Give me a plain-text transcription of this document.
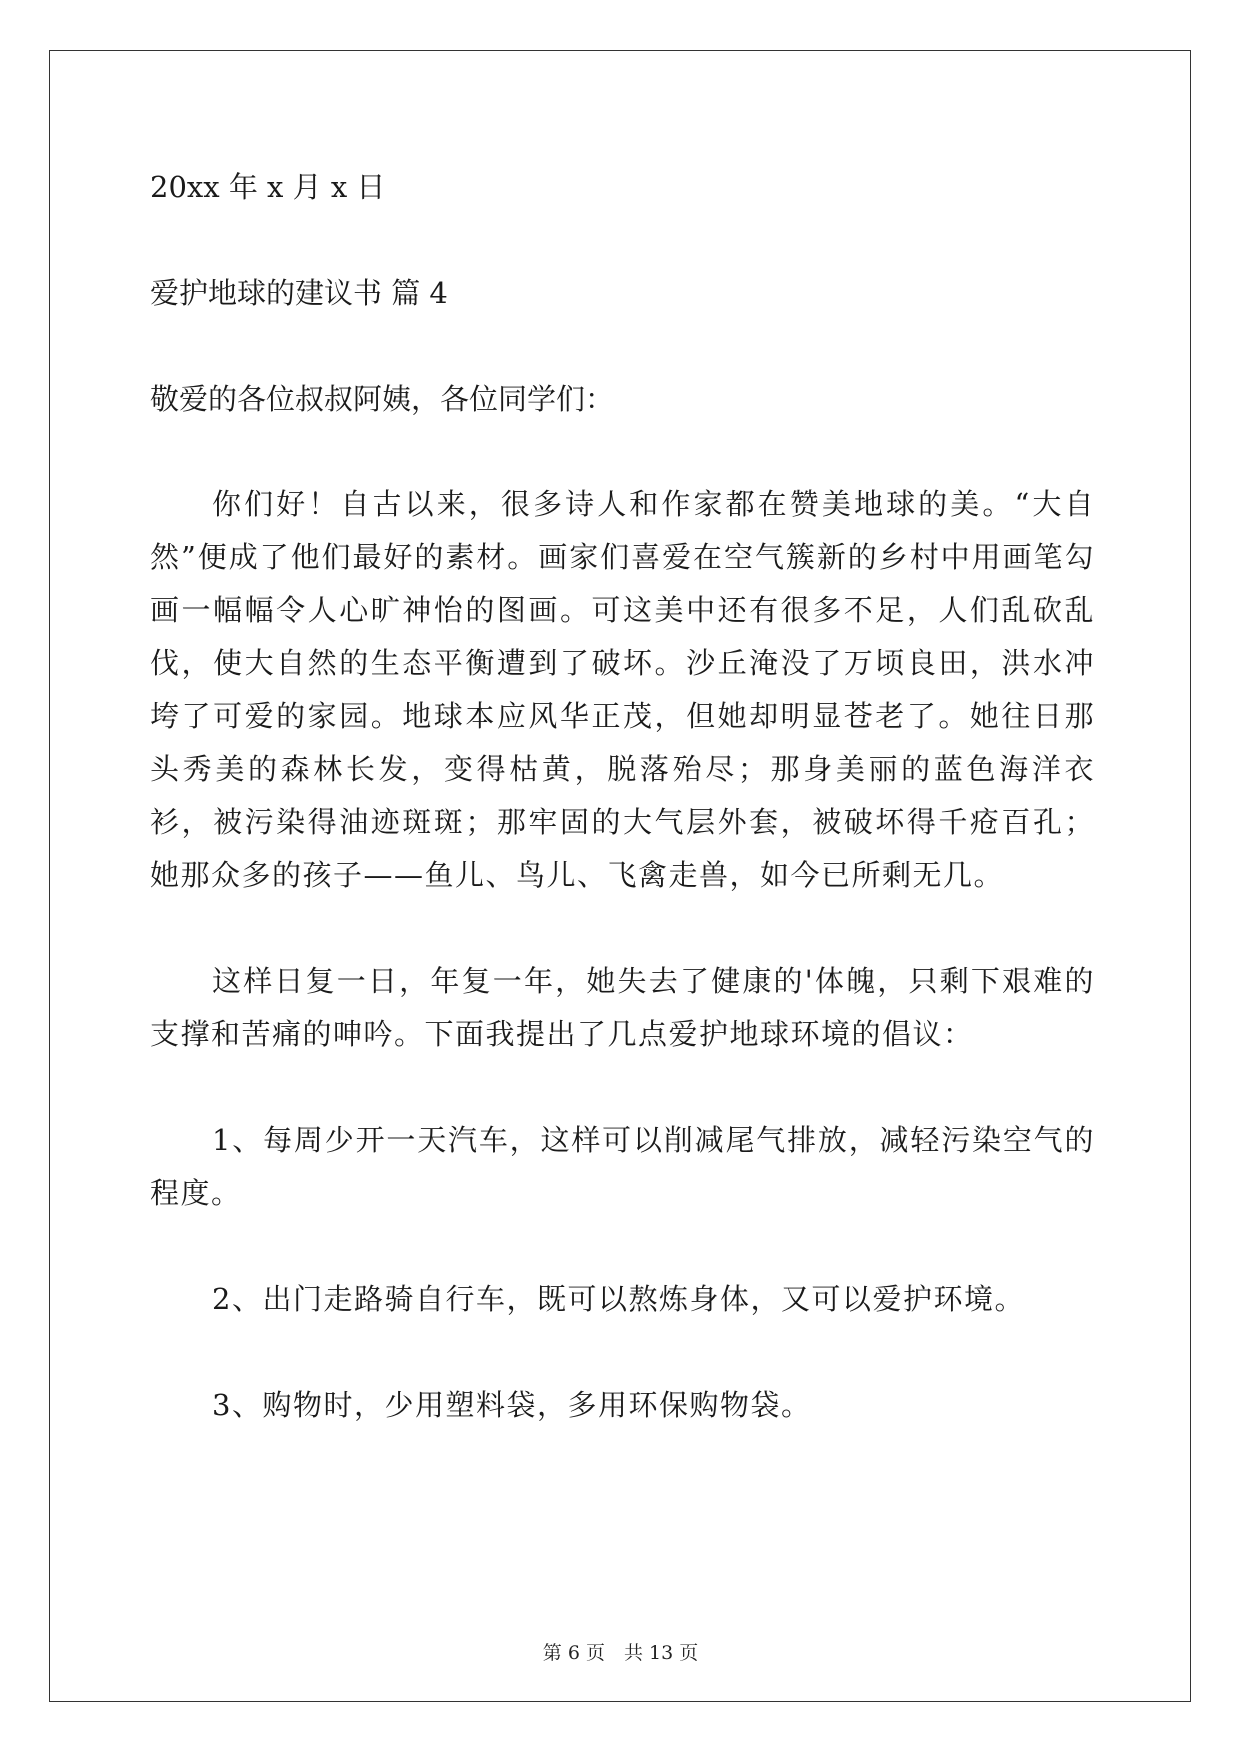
20xx 年 x 月 x 日
爱护地球的建议书 篇 4
敬爱的各位叔叔阿姨，各位同学们：

你们好！自古以来，很多诗人和作家都在赞美地球的美。“大自然”便成了他们最好的素材。画家们喜爱在空气簇新的乡村中用画笔勾画一幅幅令人心旷神怡的图画。可这美中还有很多不足，人们乱砍乱伐，使大自然的生态平衡遭到了破坏。沙丘淹没了万顷良田，洪水冲垮了可爱的家园。地球本应风华正茂，但她却明显苍老了。她往日那头秀美的森林长发，变得枯黄，脱落殆尽；那身美丽的蓝色海洋衣衫，被污染得油迹斑斑；那牢固的大气层外套，被破坏得千疮百孔；她那众多的孩子——鱼儿、鸟儿、飞禽走兽，如今已所剩无几。

这样日复一日，年复一年，她失去了健康的'体魄，只剩下艰难的支撑和苦痛的呻吟。下面我提出了几点爱护地球环境的倡议：

1、每周少开一天汽车，这样可以削减尾气排放，减轻污染空气的程度。

2、出门走路骑自行车，既可以熬炼身体，又可以爱护环境。

3、购物时，少用塑料袋，多用环保购物袋。

第 6 页　共 13 页
